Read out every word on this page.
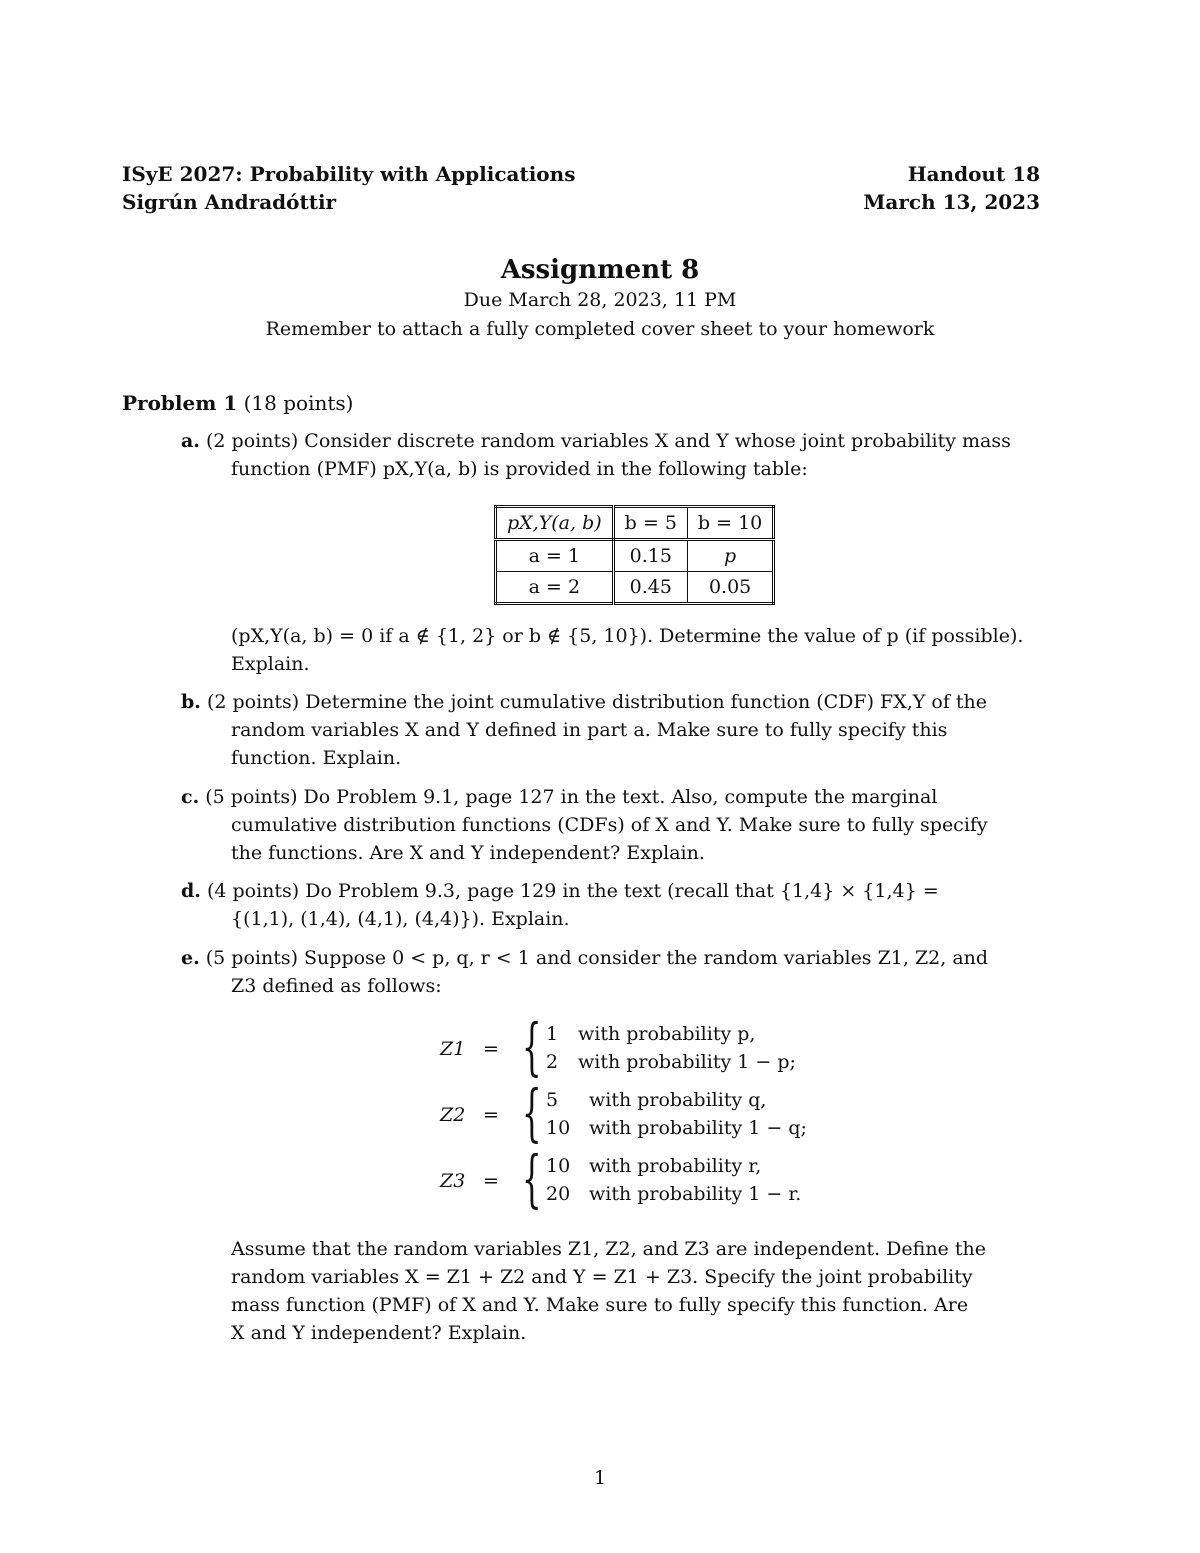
ISyE 2027: Probability with Applications	Handout 18
Sigrún Andradóttir	March 13, 2023
Assignment 8
Due March 28, 2023, 11 PM
Remember to attach a fully completed cover sheet to your homework
Problem 1 (18 points)
a. (2 points) Consider discrete random variables X and Y whose joint probability mass
function (PMF) pX,Y(a, b) is provided in the following table:
pX,Y(a, b)	b = 5	b = 10
a = 1	0.15	p
a = 2	0.45	0.05
(pX,Y(a, b) = 0 if a ∉ {1, 2} or b ∉ {5, 10}). Determine the value of p (if possible).
Explain.
b. (2 points) Determine the joint cumulative distribution function (CDF) FX,Y of the
random variables X and Y defined in part a. Make sure to fully specify this
function. Explain.
c. (5 points) Do Problem 9.1, page 127 in the text. Also, compute the marginal
cumulative distribution functions (CDFs) of X and Y. Make sure to fully specify
the functions. Are X and Y independent? Explain.
d. (4 points) Do Problem 9.3, page 129 in the text (recall that {1,4} × {1,4} =
{(1,1), (1,4), (4,1), (4,4)}). Explain.
e. (5 points) Suppose 0 < p, q, r < 1 and consider the random variables Z1, Z2, and
Z3 defined as follows:
Z1 = { 1 with probability p,
2 with probability 1 − p;
Z2 = { 5 with probability q,
10 with probability 1 − q;
Z3 = { 10 with probability r,
20 with probability 1 − r.
Assume that the random variables Z1, Z2, and Z3 are independent. Define the
random variables X = Z1 + Z2 and Y = Z1 + Z3. Specify the joint probability
mass function (PMF) of X and Y. Make sure to fully specify this function. Are
X and Y independent? Explain.
1
